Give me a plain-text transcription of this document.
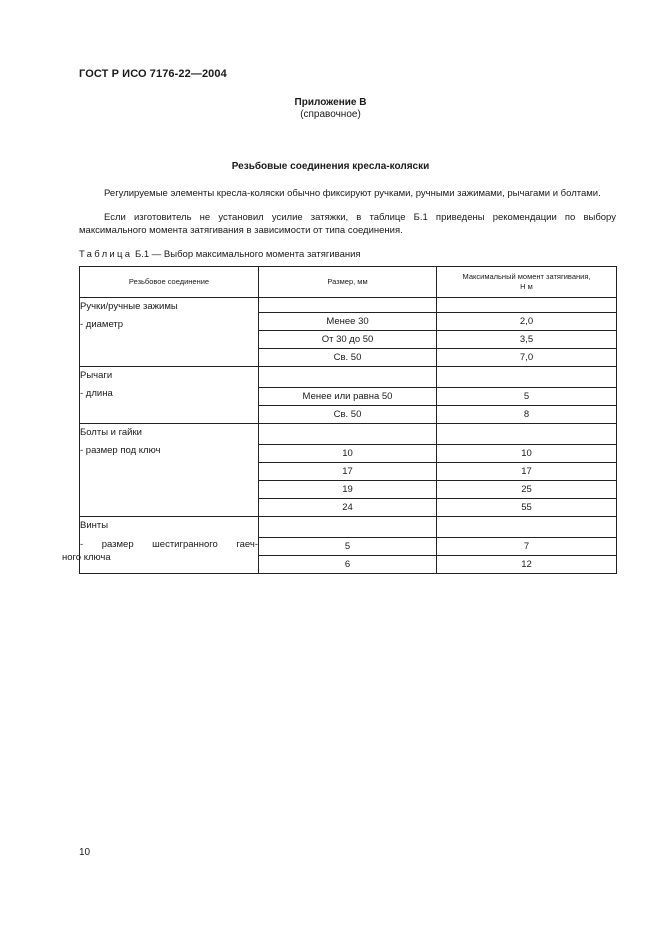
ГОСТ Р ИСО 7176-22—2004
Приложение В
(справочное)
Резьбовые соединения кресла-коляски

Регулируемые элементы кресла-коляски обычно фиксируют ручками, ручными зажимами, рычагами и болтами.

Если изготовитель не установил усилие затяжки, в таблице Б.1 приведены рекомендации по выбору максимального момента затягивания в зависимости от типа соединения.

Таблица Б.1 — Выбор максимального момента затягивания
Резьбовое соединение	Размер, мм	Максимальный момент затягивания,
Н м

Ручки/ручные зажимы
- диаметр		

	Менее 30	2,0
	От 30 до 50	3,5
	Св. 50	7,0

Рычаги
- длина		

	Менее или равна 50	5
	Св. 50	8

Болты и гайки
- размер под ключ		

	10	10
	17	17
	19	25
	24	55

Винты
- размер шестигранного гаеч-
ного ключа		

	5	7
	6	12
10
